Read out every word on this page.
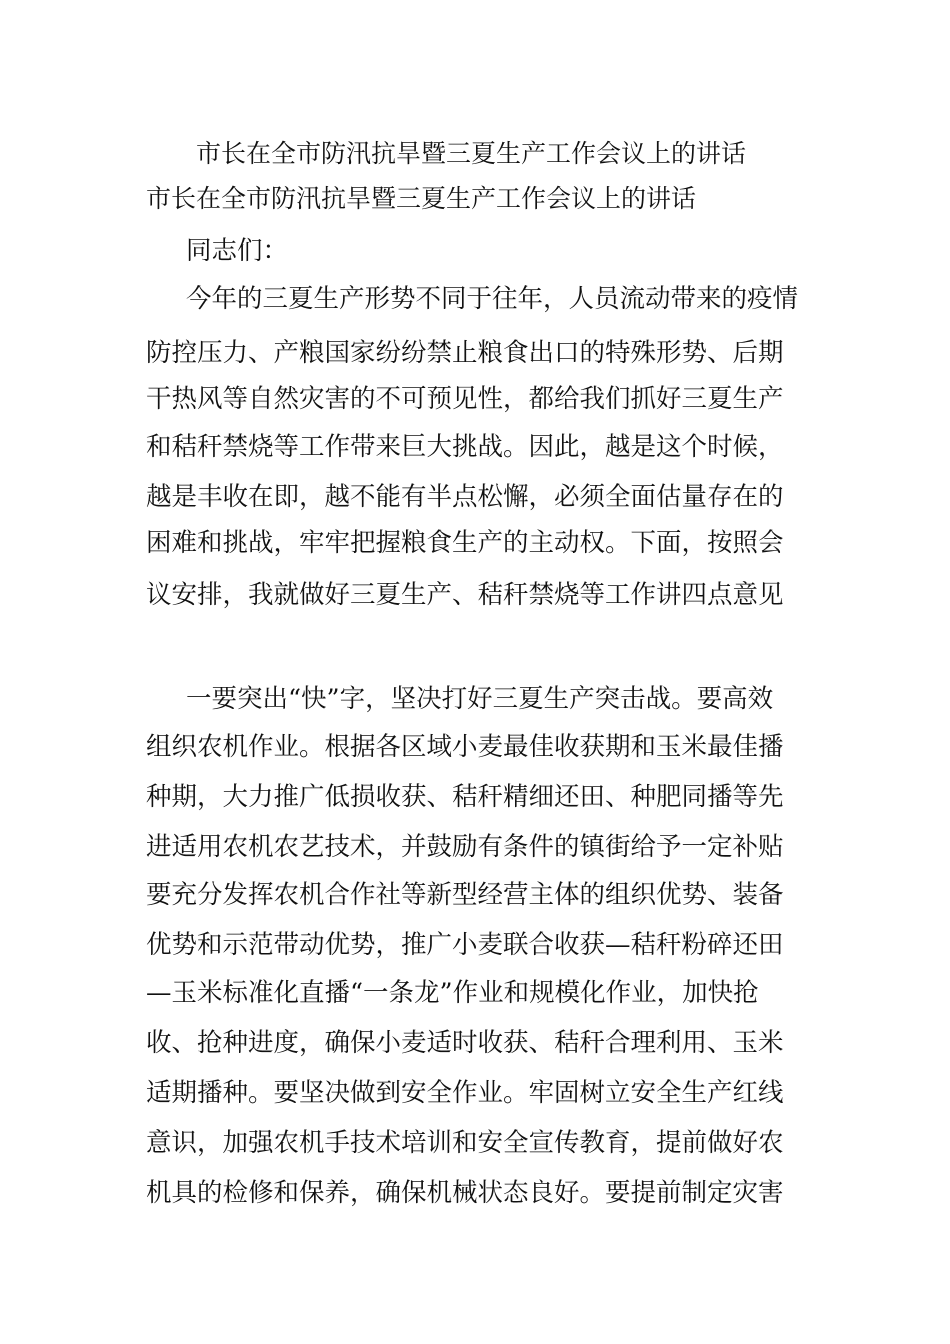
市长在全市防汛抗旱暨三夏生产工作会议上的讲话
市长在全市防汛抗旱暨三夏生产工作会议上的讲话
同志们：
今年的三夏生产形势不同于往年，人员流动带来的疫情
防控压力、产粮国家纷纷禁止粮食出口的特殊形势、后期
干热风等自然灾害的不可预见性，都给我们抓好三夏生产
和秸秆禁烧等工作带来巨大挑战。因此，越是这个时候，
越是丰收在即，越不能有半点松懈，必须全面估量存在的
困难和挑战，牢牢把握粮食生产的主动权。下面，按照会
议安排，我就做好三夏生产、秸秆禁烧等工作讲四点意见
一要突出“快”字，坚决打好三夏生产突击战。要高效
组织农机作业。根据各区域小麦最佳收获期和玉米最佳播
种期，大力推广低损收获、秸秆精细还田、种肥同播等先
进适用农机农艺技术，并鼓励有条件的镇街给予一定补贴
要充分发挥农机合作社等新型经营主体的组织优势、装备
优势和示范带动优势，推广小麦联合收获—秸秆粉碎还田
—玉米标准化直播“一条龙”作业和规模化作业，加快抢
收、抢种进度，确保小麦适时收获、秸秆合理利用、玉米
适期播种。要坚决做到安全作业。牢固树立安全生产红线
意识，加强农机手技术培训和安全宣传教育，提前做好农
机具的检修和保养，确保机械状态良好。要提前制定灾害
